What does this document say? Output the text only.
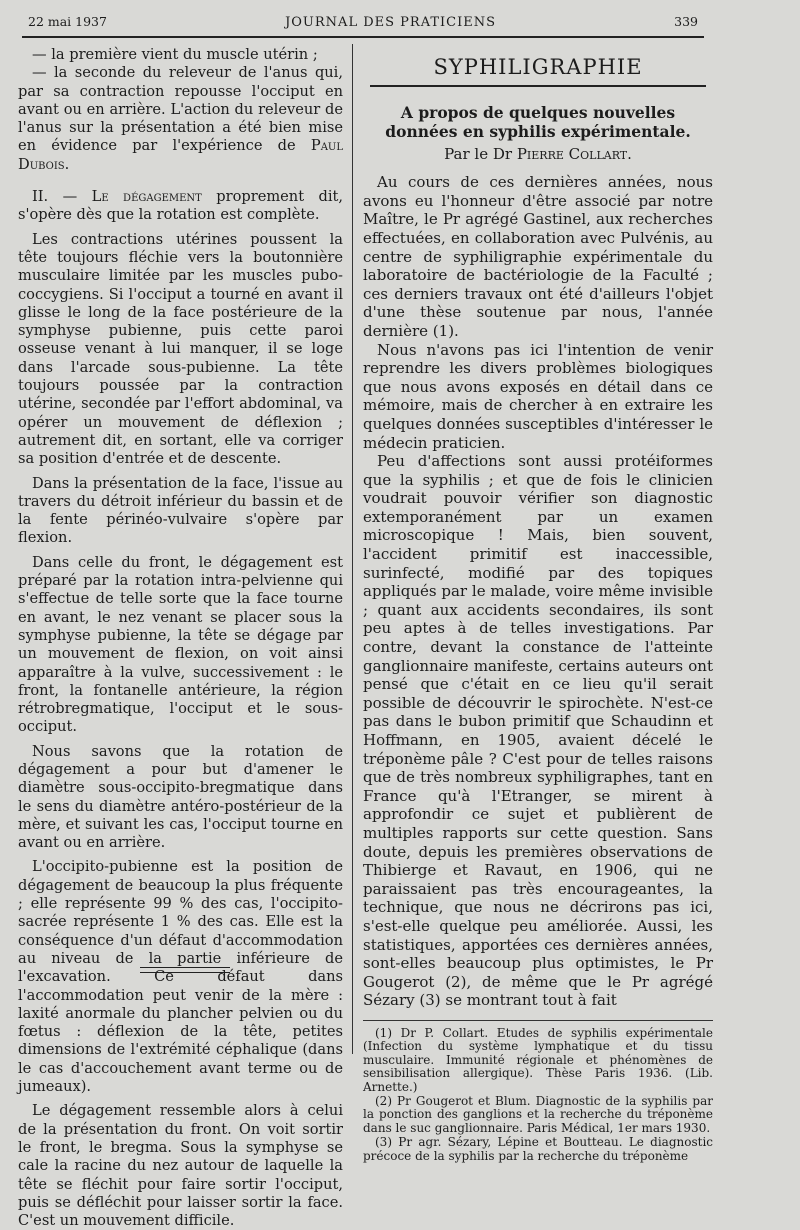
22 mai 1937	JOURNAL DES PRATICIENS	339

— la première vient du muscle utérin ;

— la seconde du releveur de l'anus qui, par sa contraction repousse l'occiput en avant ou en arrière. L'action du releveur de l'anus sur la présentation a été bien mise en évidence par l'expérience de Paul Dubois.

II. — Le dégagement proprement dit, s'opère dès que la rotation est complète.

Les contractions utérines poussent la tête toujours fléchie vers la boutonnière musculaire limitée par les muscles pubo-coccygiens. Si l'occiput a tourné en avant il glisse le long de la face postérieure de la symphyse pubienne, puis cette paroi osseuse venant à lui manquer, il se loge dans l'arcade sous-pubienne. La tête toujours poussée par la contraction utérine, secondée par l'effort abdominal, va opérer un mouvement de déflexion ; autrement dit, en sortant, elle va corriger sa position d'entrée et de descente.

Dans la présentation de la face, l'issue au travers du détroit inférieur du bassin et de la fente périnéo-vulvaire s'opère par flexion.

Dans celle du front, le dégagement est préparé par la rotation intra-pelvienne qui s'effectue de telle sorte que la face tourne en avant, le nez venant se placer sous la symphyse pubienne, la tête se dégage par un mouvement de flexion, on voit ainsi apparaître à la vulve, successivement : le front, la fontanelle antérieure, la région rétrobregmatique, l'occiput et le sous-occiput.

Nous savons que la rotation de dégagement a pour but d'amener le diamètre sous-occipito-bregmatique dans le sens du diamètre antéro-postérieur de la mère, et suivant les cas, l'occiput tourne en avant ou en arrière.

L'occipito-pubienne est la position de dégagement de beaucoup la plus fréquente ; elle représente 99 % des cas, l'occipito-sacrée représente 1 % des cas. Elle est la conséquence d'un défaut d'accommodation au niveau de la partie inférieure de l'excavation. Ce défaut dans l'accommodation peut venir de la mère : laxité anormale du plancher pelvien ou du fœtus : déflexion de la tête, petites dimensions de l'extrémité céphalique (dans le cas d'accouchement avant terme ou de jumeaux).

Le dégagement ressemble alors à celui de la présentation du front. On voit sortir le front, le bregma. Sous la symphyse se cale la racine du nez autour de laquelle la tête se fléchit pour faire sortir l'occiput, puis se défléchit pour laisser sortir la face. C'est un mouvement difficile.

SYPHILIGRAPHIE
A propos de quelques nouvelles données en syphilis expérimentale.
Par le Dr Pierre Collart.

Au cours de ces dernières années, nous avons eu l'honneur d'être associé par notre Maître, le Pr agrégé Gastinel, aux recherches effectuées, en collaboration avec Pulvénis, au centre de syphiligraphie expérimentale du laboratoire de bactériologie de la Faculté ; ces derniers travaux ont été d'ailleurs l'objet d'une thèse soutenue par nous, l'année dernière (1).

Nous n'avons pas ici l'intention de venir reprendre les divers problèmes biologiques que nous avons exposés en détail dans ce mémoire, mais de chercher à en extraire les quelques données susceptibles d'intéresser le médecin praticien.

Peu d'affections sont aussi protéiformes que la syphilis ; et que de fois le clinicien voudrait pouvoir vérifier son diagnostic extemporanément par un examen microscopique ! Mais, bien souvent, l'accident primitif est inaccessible, surinfecté, modifié par des topiques appliqués par le malade, voire même invisible ; quant aux accidents secondaires, ils sont peu aptes à de telles investigations. Par contre, devant la constance de l'atteinte ganglionnaire manifeste, certains auteurs ont pensé que c'était en ce lieu qu'il serait possible de découvrir le spirochète. N'est-ce pas dans le bubon primitif que Schaudinn et Hoffmann, en 1905, avaient décelé le tréponème pâle ? C'est pour de telles raisons que de très nombreux syphiligraphes, tant en France qu'à l'Etranger, se mirent à approfondir ce sujet et publièrent de multiples rapports sur cette question. Sans doute, depuis les premières observations de Thibierge et Ravaut, en 1906, qui ne paraissaient pas très encourageantes, la technique, que nous ne décrirons pas ici, s'est-elle quelque peu améliorée. Aussi, les statistiques, apportées ces dernières années, sont-elles beaucoup plus optimistes, le Pr Gougerot (2), de même que le Pr agrégé Sézary (3) se montrant tout à fait

(1) Dr P. Collart. Etudes de syphilis expérimentale (Infection du système lymphatique et du tissu musculaire. Immunité régionale et phénomènes de sensibilisation allergique). Thèse Paris 1936. (Lib. Arnette.)

(2) Pr Gougerot et Blum. Diagnostic de la syphilis par la ponction des ganglions et la recherche du tréponème dans le suc ganglionnaire. Paris Médical, 1er mars 1930.

(3) Pr agr. Sézary, Lépine et Boutteau. Le diagnostic précoce de la syphilis par la recherche du tréponème
